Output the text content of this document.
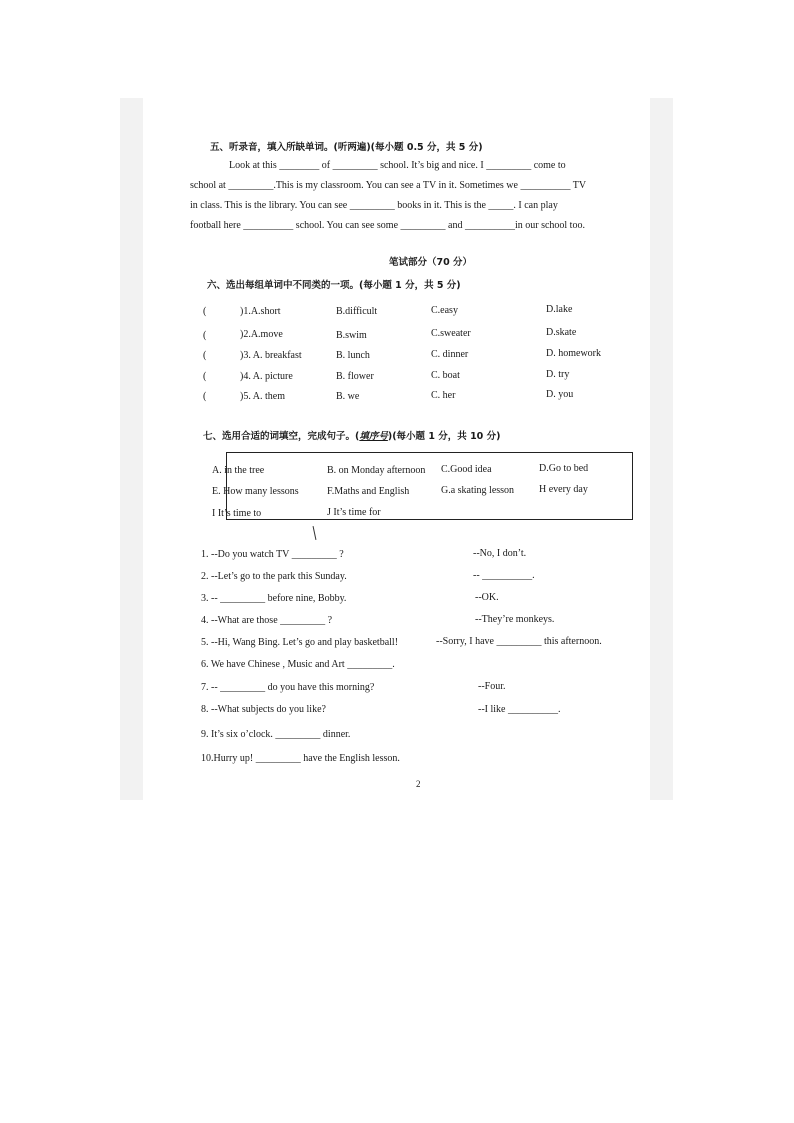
五、听录音，填入所缺单词。(听两遍)(每小题 0.5 分，共 5 分)
Look at this ________ of _________ school. It’s big and nice. I _________ come to
school at _________.This is my classroom. You can see a TV in it. Sometimes we __________ TV
in class. This is the library. You can see _________ books in it. This is the _____. I can play
football here __________ school. You can see some _________ and __________in our school too.
笔试部分（70 分）
六、选出每组单词中不同类的一项。(每小题 1 分，共 5 分)
(	)1.A.short	B.difficult	C.easy	D.lake
(	)2.A.move	B.swim	C.sweater	D.skate
(	)3. A. breakfast	B. lunch	C. dinner	D. homework
(	)4. A. picture	B. flower	C. boat	D. try
(	)5. A. them	B. we	C. her	D. you
七、选用合适的词填空，完成句子。(填序号)(每小题 1 分，共 10 分)
A. in the tree	B. on Monday afternoon C.Good idea	D.Go to bed
E. How many lessons	F.Maths and English	G.a skating lesson H every day
I It’s time to	J It’s time for
1. --Do you watch TV _________ ?	--No, I don’t.
2. --Let’s go to the park this Sunday.	-- __________.
3. -- _________ before nine, Bobby.	--OK.
4. --What are those _________ ?	--They’re monkeys.
5. --Hi, Wang Bing. Let’s go and play basketball!	--Sorry, I have _________ this afternoon.
6. We have Chinese , Music and Art _________.
7. -- _________ do you have this morning?	--Four.
8. --What subjects do you like?	--I like __________.
9. It’s six o’clock. _________ dinner.
10.Hurry up! _________ have the English lesson.
2
